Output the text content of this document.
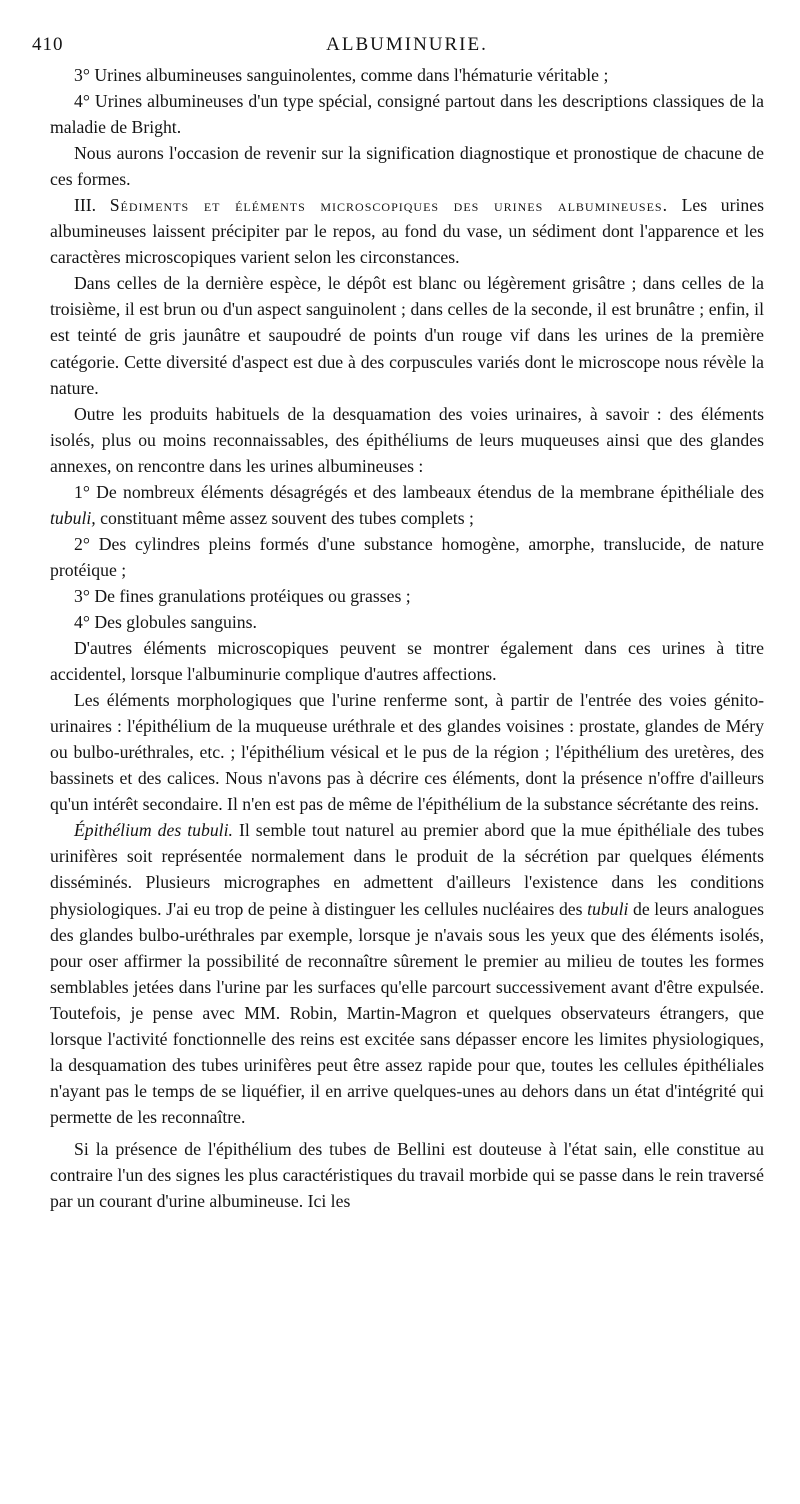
410	ALBUMINURIE.

3° Urines albumineuses sanguinolentes, comme dans l'hématurie véritable ;

4° Urines albumineuses d'un type spécial, consigné partout dans les descriptions classiques de la maladie de Bright.

Nous aurons l'occasion de revenir sur la signification diagnostique et pronostique de chacune de ces formes.

III. Sédiments et éléments microscopiques des urines albumineuses. Les urines albumineuses laissent précipiter par le repos, au fond du vase, un sédiment dont l'apparence et les caractères microscopiques varient selon les circonstances.

Dans celles de la dernière espèce, le dépôt est blanc ou légèrement grisâtre ; dans celles de la troisième, il est brun ou d'un aspect sanguinolent ; dans celles de la seconde, il est brunâtre ; enfin, il est teinté de gris jaunâtre et saupoudré de points d'un rouge vif dans les urines de la première catégorie. Cette diversité d'aspect est due à des corpuscules variés dont le microscope nous révèle la nature.

Outre les produits habituels de la desquamation des voies urinaires, à savoir : des éléments isolés, plus ou moins reconnaissables, des épithéliums de leurs muqueuses ainsi que des glandes annexes, on rencontre dans les urines albumineuses :

1° De nombreux éléments désagrégés et des lambeaux étendus de la membrane épithéliale des tubuli, constituant même assez souvent des tubes complets ;

2° Des cylindres pleins formés d'une substance homogène, amorphe, translucide, de nature protéique ;

3° De fines granulations protéiques ou grasses ;

4° Des globules sanguins.

D'autres éléments microscopiques peuvent se montrer également dans ces urines à titre accidentel, lorsque l'albuminurie complique d'autres affections.

Les éléments morphologiques que l'urine renferme sont, à partir de l'entrée des voies génito-urinaires : l'épithélium de la muqueuse uréthrale et des glandes voisines : prostate, glandes de Méry ou bulbo-uréthrales, etc. ; l'épithélium vésical et le pus de la région ; l'épithélium des uretères, des bassinets et des calices. Nous n'avons pas à décrire ces éléments, dont la présence n'offre d'ailleurs qu'un intérêt secondaire. Il n'en est pas de même de l'épithélium de la substance sécrétante des reins.

Épithélium des tubuli. Il semble tout naturel au premier abord que la mue épithéliale des tubes urinifères soit représentée normalement dans le produit de la sécrétion par quelques éléments disséminés. Plusieurs micrographes en admettent d'ailleurs l'existence dans les conditions physiologiques. J'ai eu trop de peine à distinguer les cellules nucléaires des tubuli de leurs analogues des glandes bulbo-uréthrales par exemple, lorsque je n'avais sous les yeux que des éléments isolés, pour oser affirmer la possibilité de reconnaître sûrement le premier au milieu de toutes les formes semblables jetées dans l'urine par les surfaces qu'elle parcourt successivement avant d'être expulsée. Toutefois, je pense avec MM. Robin, Martin-Magron et quelques observateurs étrangers, que lorsque l'activité fonctionnelle des reins est excitée sans dépasser encore les limites physiologiques, la desquamation des tubes urinifères peut être assez rapide pour que, toutes les cellules épithéliales n'ayant pas le temps de se liquéfier, il en arrive quelques-unes au dehors dans un état d'intégrité qui permette de les reconnaître.

Si la présence de l'épithélium des tubes de Bellini est douteuse à l'état sain, elle constitue au contraire l'un des signes les plus caractéristiques du travail morbide qui se passe dans le rein traversé par un courant d'urine albumineuse. Ici les
